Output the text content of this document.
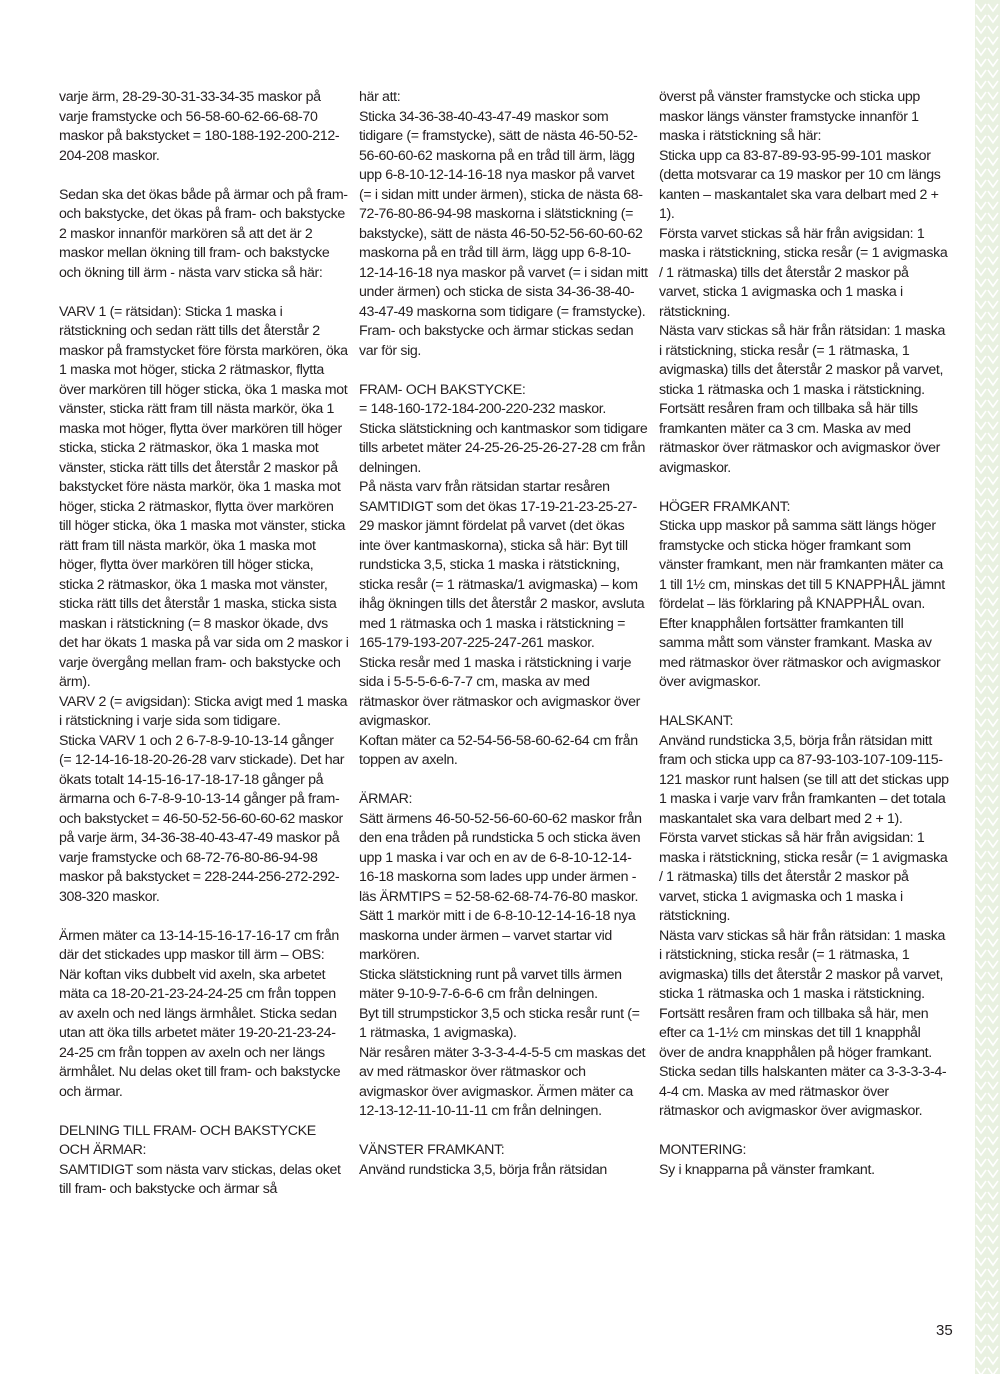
varje ärm, 28-29-30-31-33-34-35 maskor på varje framstycke och 56-58-60-62-66-68-70 maskor på bakstycket = 180-188-192-200-212-204-208 maskor.

Sedan ska det ökas både på ärmar och på fram- och bakstycke, det ökas på fram- och bakstycke 2 maskor innanför markören så att det är 2 maskor mellan ökning till fram- och bakstycke och ökning till ärm - nästa varv sticka så här:

VARV 1 (= rätsidan): Sticka 1 maska i rätstickning och sedan rätt tills det återstår 2 maskor på framstycket före första markören, öka 1 maska mot höger, sticka 2 rätmaskor, flytta över markören till höger sticka, öka 1 maska mot vänster, sticka rätt fram till nästa markör, öka 1 maska mot höger, flytta över markören till höger sticka, sticka 2 rätmaskor, öka 1 maska mot vänster, sticka rätt tills det återstår 2 maskor på bakstycket före nästa markör, öka 1 maska mot höger, sticka 2 rätmaskor, flytta över markören till höger sticka, öka 1 maska mot vänster, sticka rätt fram till nästa markör, öka 1 maska mot höger, flytta över markören till höger sticka, sticka 2 rätmaskor, öka 1 maska mot vänster, sticka rätt tills det återstår 1 maska, sticka sista maskan i rätstickning (= 8 maskor ökade, dvs det har ökats 1 maska på var sida om 2 maskor i varje övergång mellan fram- och bakstycke och ärm).

VARV 2 (= avigsidan): Sticka avigt med 1 maska i rätstickning i varje sida som tidigare.

Sticka VARV 1 och 2 6-7-8-9-10-13-14 gånger (= 12-14-16-18-20-26-28 varv stickade). Det har ökats totalt 14-15-16-17-18-17-18 gånger på ärmarna och 6-7-8-9-10-13-14 gånger på fram-och bakstycket = 46-50-52-56-60-60-62 maskor på varje ärm, 34-36-38-40-43-47-49 maskor på varje framstycke och 68-72-76-80-86-94-98 maskor på bakstycket = 228-244-256-272-292-308-320 maskor.

Ärmen mäter ca 13-14-15-16-17-16-17 cm från där det stickades upp maskor till ärm – OBS: När koftan viks dubbelt vid axeln, ska arbetet mäta ca 18-20-21-23-24-24-25 cm från toppen av axeln och ned längs ärmhålet. Sticka sedan utan att öka tills arbetet mäter 19-20-21-23-24-24-25 cm från toppen av axeln och ner längs ärmhålet. Nu delas oket till fram- och bakstycke och ärmar.

DELNING TILL FRAM- OCH BAKSTYCKE OCH ÄRMAR:

SAMTIDIGT som nästa varv stickas, delas oket till fram- och bakstycke och ärmar så

här att:

Sticka 34-36-38-40-43-47-49 maskor som tidigare (= framstycke), sätt de nästa 46-50-52-56-60-60-62 maskorna på en tråd till ärm, lägg upp 6-8-10-12-14-16-18 nya maskor på varvet (= i sidan mitt under ärmen), sticka de nästa 68-72-76-80-86-94-98 maskorna i slätstickning (= bakstycke), sätt de nästa 46-50-52-56-60-60-62 maskorna på en tråd till ärm, lägg upp 6-8-10-12-14-16-18 nya maskor på varvet (= i sidan mitt under ärmen) och sticka de sista 34-36-38-40-43-47-49 maskorna som tidigare (= framstycke).

Fram- och bakstycke och ärmar stickas sedan var för sig.

FRAM- OCH BAKSTYCKE:

= 148-160-172-184-200-220-232 maskor.

Sticka slätstickning och kantmaskor som tidigare tills arbetet mäter 24-25-26-25-26-27-28 cm från delningen.

På nästa varv från rätsidan startar resåren SAMTIDIGT som det ökas 17-19-21-23-25-27-29 maskor jämnt fördelat på varvet (det ökas inte över kantmaskorna), sticka så här: Byt till rundsticka 3,5, sticka 1 maska i rätstickning, sticka resår (= 1 rätmaska/1 avigmaska) – kom ihåg ökningen tills det återstår 2 maskor, avsluta med 1 rätmaska och 1 maska i rätstickning = 165-179-193-207-225-247-261 maskor.

Sticka resår med 1 maska i rätstickning i varje sida i 5-5-5-6-6-7-7 cm, maska av med rätmaskor över rätmaskor och avigmaskor över avigmaskor.

Koftan mäter ca 52-54-56-58-60-62-64 cm från toppen av axeln.

ÄRMAR:

Sätt ärmens 46-50-52-56-60-60-62 maskor från den ena tråden på rundsticka 5 och sticka även upp 1 maska i var och en av de 6-8-10-12-14-16-18 maskorna som lades upp under ärmen - läs ÄRMTIPS = 52-58-62-68-74-76-80 maskor.

Sätt 1 markör mitt i de 6-8-10-12-14-16-18 nya maskorna under ärmen – varvet startar vid markören.

Sticka slätstickning runt på varvet tills ärmen mäter 9-10-9-7-6-6-6 cm från delningen.

Byt till strumpstickor 3,5 och sticka resår runt (= 1 rätmaska, 1 avigmaska).

När resåren mäter 3-3-3-4-4-5-5 cm maskas det av med rätmaskor över rätmaskor och avigmaskor över avigmaskor. Ärmen mäter ca 12-13-12-11-10-11-11 cm från delningen.

VÄNSTER FRAMKANT:

Använd rundsticka 3,5, börja från rätsidan

överst på vänster framstycke och sticka upp maskor längs vänster framstycke innanför 1 maska i rätstickning så här:

Sticka upp ca 83-87-89-93-95-99-101 maskor (detta motsvarar ca 19 maskor per 10 cm längs kanten – maskantalet ska vara delbart med 2 + 1).

Första varvet stickas så här från avigsidan: 1 maska i rätstickning, sticka resår (= 1 avigmaska / 1 rätmaska) tills det återstår 2 maskor på varvet, sticka 1 avigmaska och 1 maska i rätstickning.

Nästa varv stickas så här från rätsidan: 1 maska i rätstickning, sticka resår (= 1 rätmaska, 1 avigmaska) tills det återstår 2 maskor på varvet, sticka 1 rätmaska och 1 maska i rätstickning.

Fortsätt resåren fram och tillbaka så här tills framkanten mäter ca 3 cm. Maska av med rätmaskor över rätmaskor och avigmaskor över avigmaskor.

HÖGER FRAMKANT:

Sticka upp maskor på samma sätt längs höger framstycke och sticka höger framkant som vänster framkant, men när framkanten mäter ca 1 till 1½ cm, minskas det till 5 KNAPPHÅL jämnt fördelat – läs förklaring på KNAPPHÅL ovan. Efter knapphålen fortsätter framkanten till samma mått som vänster framkant. Maska av med rätmaskor över rätmaskor och avigmaskor över avigmaskor.

HALSKANT:

Använd rundsticka 3,5, börja från rätsidan mitt fram och sticka upp ca 87-93-103-107-109-115-121 maskor runt halsen (se till att det stickas upp 1 maska i varje varv från framkanten – det totala maskantalet ska vara delbart med 2 + 1).

Första varvet stickas så här från avigsidan: 1 maska i rätstickning, sticka resår (= 1 avigmaska / 1 rätmaska) tills det återstår 2 maskor på varvet, sticka 1 avigmaska och 1 maska i rätstickning.

Nästa varv stickas så här från rätsidan: 1 maska i rätstickning, sticka resår (= 1 rätmaska, 1 avigmaska) tills det återstår 2 maskor på varvet, sticka 1 rätmaska och 1 maska i rätstickning.

Fortsätt resåren fram och tillbaka så här, men efter ca 1-1½ cm minskas det till 1 knapphål över de andra knapphålen på höger framkant. Sticka sedan tills halskanten mäter ca 3-3-3-3-4-4-4 cm. Maska av med rätmaskor över rätmaskor och avigmaskor över avigmaskor.

MONTERING:

Sy i knapparna på vänster framkant.

35
